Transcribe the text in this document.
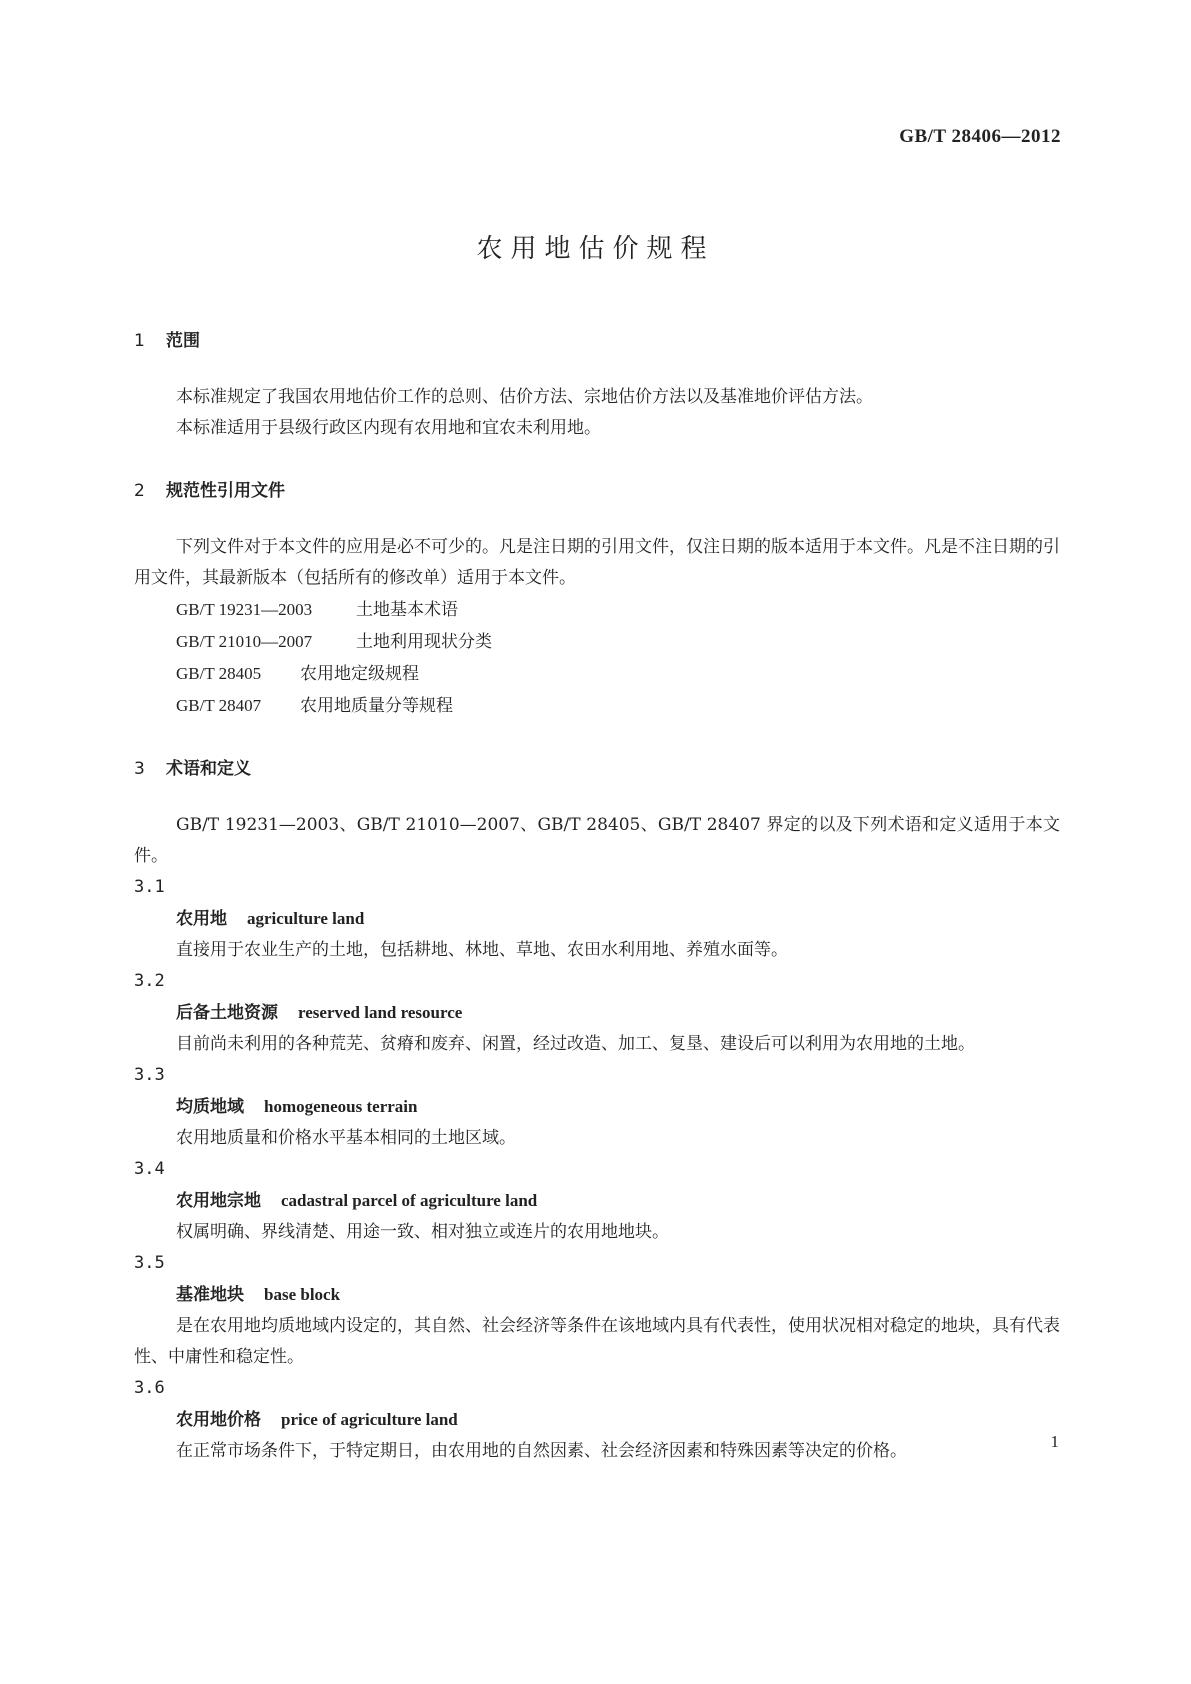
GB/T 28406—2012
农用地估价规程
1 范围

本标准规定了我国农用地估价工作的总则、估价方法、宗地估价方法以及基准地价评估方法。

本标准适用于县级行政区内现有农用地和宜农未利用地。

2 规范性引用文件

下列文件对于本文件的应用是必不可少的。凡是注日期的引用文件，仅注日期的版本适用于本文件。凡是不注日期的引用文件，其最新版本（包括所有的修改单）适用于本文件。

GB/T 19231—2003	土地基本术语

GB/T 21010—2007	土地利用现状分类

GB/T 28405 农用地定级规程

GB/T 28407 农用地质量分等规程

3 术语和定义

GB/T 19231—2003、GB/T 21010—2007、GB/T 28405、GB/T 28407 界定的以及下列术语和定义适用于本文件。

3.1

农用地 agriculture land

直接用于农业生产的土地，包括耕地、林地、草地、农田水利用地、养殖水面等。

3.2

后备土地资源 reserved land resource

目前尚未利用的各种荒芜、贫瘠和废弃、闲置，经过改造、加工、复垦、建设后可以利用为农用地的土地。

3.3

均质地域 homogeneous terrain

农用地质量和价格水平基本相同的土地区域。

3.4

农用地宗地 cadastral parcel of agriculture land

权属明确、界线清楚、用途一致、相对独立或连片的农用地地块。

3.5

基准地块 base block

是在农用地均质地域内设定的，其自然、社会经济等条件在该地域内具有代表性，使用状况相对稳定的地块，具有代表性、中庸性和稳定性。

3.6

农用地价格 price of agriculture land

在正常市场条件下，于特定期日，由农用地的自然因素、社会经济因素和特殊因素等决定的价格。	1
